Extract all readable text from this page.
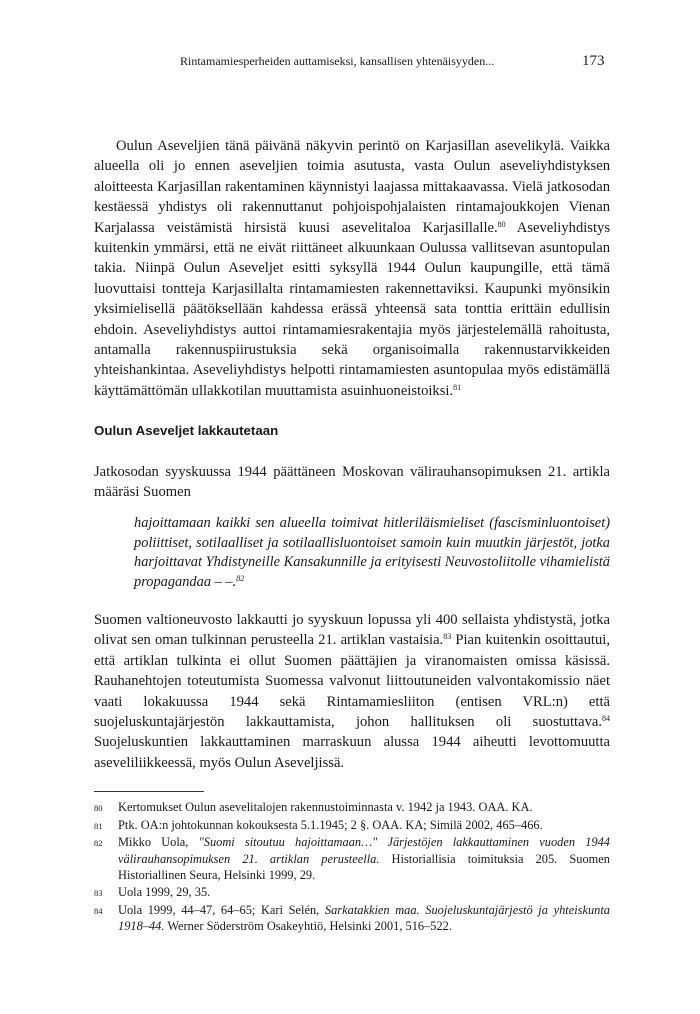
Rintamamiesperheiden auttamiseksi, kansallisen yhtenäisyyden...	173

Oulun Aseveljien tänä päivänä näkyvin perintö on Karjasillan asevelikylä. Vaikka alueella oli jo ennen aseveljien toimia asutusta, vasta Oulun aseveliyhdistyksen aloitteesta Karjasillan rakentaminen käynnistyi laajassa mittakaavassa. Vielä jatkosodan kestäessä yhdistys oli rakennuttanut pohjoispohjalaisten rintamajoukkojen Vienan Karjalassa veistämistä hirsistä kuusi asevelitaloa Karjasillalle.$^{80}$ Aseveliyhdistys kuitenkin ymmärsi, että ne eivät riittäneet alkuunkaan Oulussa vallitsevan asuntopulan takia. Niinpä Oulun Aseveljet esitti syksyllä 1944 Oulun kaupungille, että tämä luovuttaisi tontteja Karjasillalta rintamamiesten rakennettaviksi. Kaupunki myönsikin yksimielisellä päätöksellään kahdessa erässä yhteensä sata tonttia erittäin edullisin ehdoin. Aseveliyhdistys auttoi rintamamiesrakentajia myös järjestelemällä rahoitusta, antamalla rakennuspiirustuksia sekä organisoimalla rakennustarvikkeiden yhteishankintaa. Aseveliyhdistys helpotti rintamamiesten asuntopulaa myös edistämällä käyttämättömän ullakkotilan muuttamista asuinhuoneistoiksi.$^{81}$

Oulun Aseveljet lakkautetaan

Jatkosodan syyskuussa 1944 päättäneen Moskovan välirauhansopimuksen 21. artikla määräsi Suomen

hajoittamaan kaikki sen alueella toimivat hitleriläismieliset (fascisminluontoiset) poliittiset, sotilaalliset ja sotilaallisluontoiset samoin kuin muutkin järjestöt, jotka harjoittavat Yhdistyneille Kansakunnille ja erityisesti Neuvostoliitolle vihamielistä propagandaa – –.$^{82}$

Suomen valtioneuvosto lakkautti jo syyskuun lopussa yli 400 sellaista yhdistystä, jotka olivat sen oman tulkinnan perusteella 21. artiklan vastaisia.$^{83}$ Pian kuitenkin osoittautui, että artiklan tulkinta ei ollut Suomen päättäjien ja viranomaisten omissa käsissä. Rauhanehtojen toteutumista Suomessa valvonut liittoutuneiden valvontakomissio näet vaati lokakuussa 1944 sekä Rintamamiesliiton (entisen VRL:n) että suojeluskuntajärjestön lakkauttamista, johon hallituksen oli suostuttava.$^{84}$ Suojeluskuntien lakkauttaminen marraskuun alussa 1944 aiheutti levottomuutta aseveliliikkeessä, myös Oulun Aseveljissä.

80	Kertomukset Oulun asevelitalojen rakennustoiminnasta v. 1942 ja 1943. OAA. KA.
81	Ptk. OA:n johtokunnan kokouksesta 5.1.1945; 2 §. OAA. KA; Similä 2002, 465–466.
82	Mikko Uola, "Suomi sitoutuu hajoittamaan…" Järjestöjen lakkauttaminen vuoden 1944 välirauhansopimuksen 21. artiklan perusteella. Historiallisia toimituksia 205. Suomen Historiallinen Seura, Helsinki 1999, 29.
83	Uola 1999, 29, 35.
84	Uola 1999, 44–47, 64–65; Kari Selén, Sarkatakkien maa. Suojeluskuntajärjestö ja yhteiskunta 1918–44. Werner Söderström Osakeyhtiö, Helsinki 2001, 516–522.
